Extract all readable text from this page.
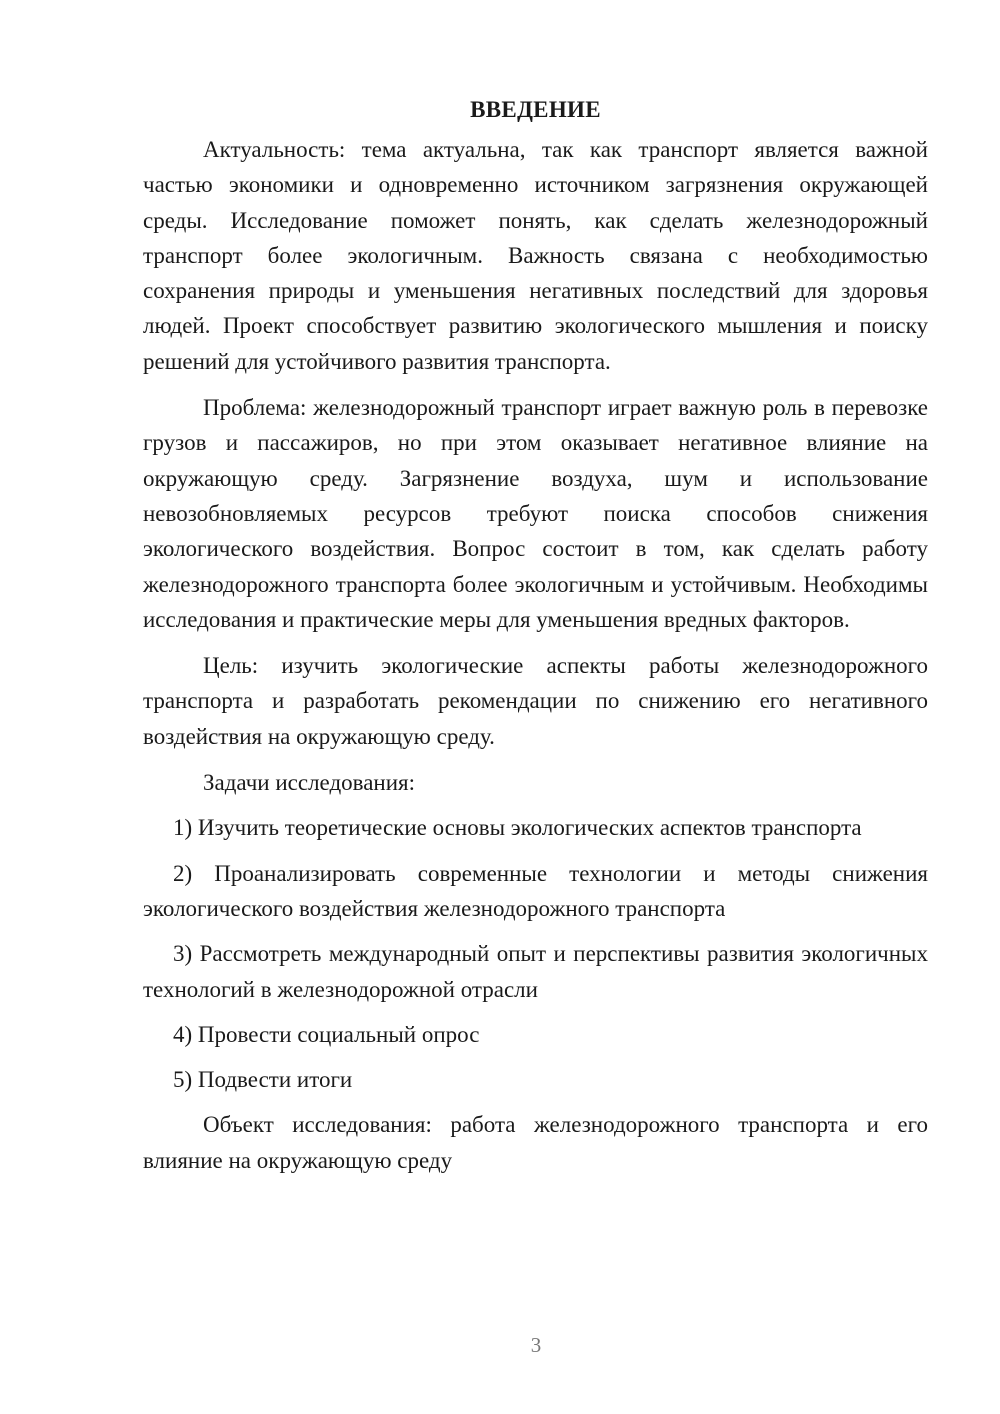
ВВЕДЕНИЕ

Актуальность: тема актуальна, так как транспорт является важной частью экономики и одновременно источником загрязнения окружающей среды. Исследование поможет понять, как сделать железнодорожный транспорт более экологичным. Важность связана с необходимостью сохранения природы и уменьшения негативных последствий для здоровья людей. Проект способствует развитию экологического мышления и поиску решений для устойчивого развития транспорта.

Проблема: железнодорожный транспорт играет важную роль в перевозке грузов и пассажиров, но при этом оказывает негативное влияние на окружающую среду. Загрязнение воздуха, шум и использование невозобновляемых ресурсов требуют поиска способов снижения экологического воздействия. Вопрос состоит в том, как сделать работу железнодорожного транспорта более экологичным и устойчивым. Необходимы исследования и практические меры для уменьшения вредных факторов.

Цель: изучить экологические аспекты работы железнодорожного транспорта и разработать рекомендации по снижению его негативного воздействия на окружающую среду.

Задачи исследования:

1) Изучить теоретические основы экологических аспектов транспорта

2) Проанализировать современные технологии и методы снижения экологического воздействия железнодорожного транспорта

3) Рассмотреть международный опыт и перспективы развития экологичных технологий в железнодорожной отрасли

4) Провести социальный опрос

5) Подвести итоги

Объект исследования: работа железнодорожного транспорта и его влияние на окружающую среду

3
